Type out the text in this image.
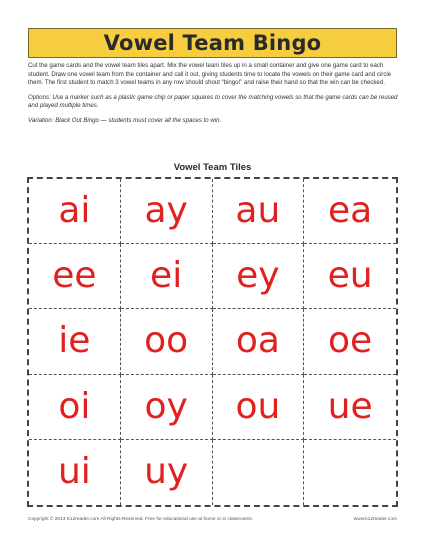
Vowel Team Bingo

Cut the game cards and the vowel team tiles apart. Mix the vowel team tiles up in a small container and give one game card to each student. Draw one vowel team from the container and call it out, giving students time to locate the vowels on their game card and circle them. The first student to match 3 vowel teams in any row should shout “bingo!” and raise their hand so that the win can be checked.

Options: Use a marker such as a plastic game chip or paper squares to cover the matching vowels so that the game cards can be reused and played multiple times.

Variation: Black Out Bingo — students must cover all the spaces to win.

Vowel Team Tiles
ai	ay	au	ea
ee	ei	ey	eu
ie	oo	oa	oe
oi	oy	ou	ue
ui	uy
Copyright © 2013 K12reader.com All Rights Reserved. Free for educational use at home or in classrooms.	www.k12reader.com
